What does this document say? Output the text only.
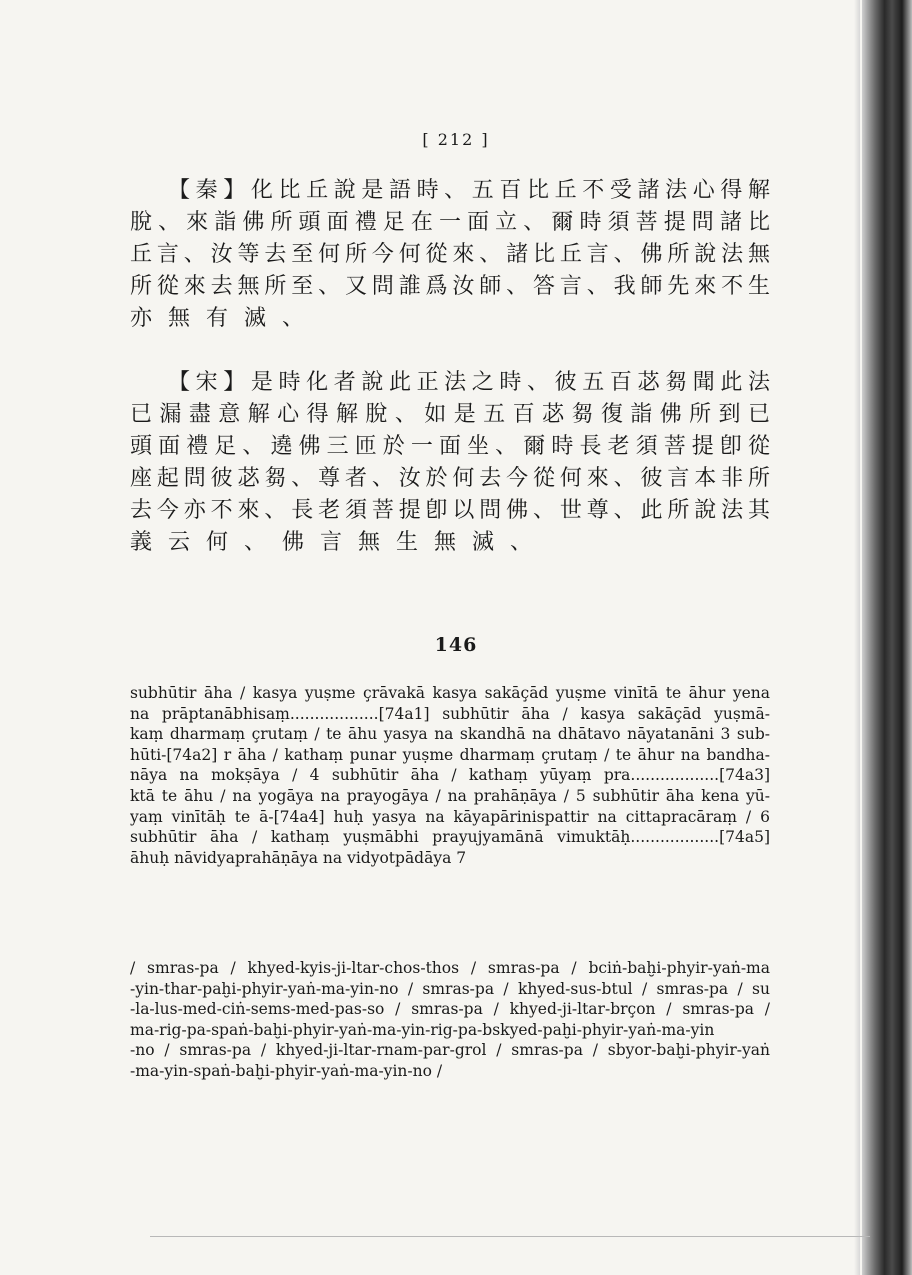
[ 212 ]
【秦】化比丘說是語時、五百比丘不受諸法心得解
脫、來詣佛所頭面禮足在一面立、爾時須菩提問諸比
丘言、汝等去至何所今何從來、諸比丘言、佛所說法無
所從來去無所至、又問誰爲汝師、答言、我師先來不生
亦無有滅、
【宋】是時化者說此正法之時、彼五百苾芻聞此法
已漏盡意解心得解脫、如是五百苾芻復詣佛所到已
頭面禮足、遶佛三匝於一面坐、爾時長老須菩提卽從
座起問彼苾芻、尊者、汝於何去今從何來、彼言本非所
去今亦不來、長老須菩提卽以問佛、世尊、此所說法其
義云何、佛言無生無滅、
146
subhūtir āha / kasya yuṣme çrāvakā kasya sakāçād yuṣme vinītā te āhur yena
na prāptanābhisaṃ..................[74a1] subhūtir āha / kasya sakāçād yuṣmā-
kaṃ dharmaṃ çrutaṃ / te āhu yasya na skandhā na dhātavo nāyatanāni 3 sub-
hūti-[74a2] r āha / kathaṃ punar yuṣme dharmaṃ çrutaṃ / te āhur na bandha-
nāya na mokṣāya / 4 subhūtir āha / kathaṃ yūyaṃ pra..................[74a3]
ktā te āhu / na yogāya na prayogāya / na prahāṇāya / 5 subhūtir āha kena yū-
yaṃ vinītāḥ te ā-[74a4] huḥ yasya na kāyapārinispattir na cittapracāraṃ / 6
subhūtir āha / kathaṃ yuṣmābhi prayujyamānā vimuktāḥ..................[74a5]
āhuḥ nāvidyaprahāṇāya na vidyotpādāya 7
/ smras-pa / khyed-kyis-ji-ltar-chos-thos / smras-pa / bciṅ-baḫi-phyir-yaṅ-ma
-yin-thar-paḫi-phyir-yaṅ-ma-yin-no / smras-pa / khyed-sus-btul / smras-pa / su
-la-lus-med-ciṅ-sems-med-pas-so / smras-pa / khyed-ji-ltar-brçon / smras-pa /
ma-rig-pa-spaṅ-baḫi-phyir-yaṅ-ma-yin-rig-pa-bskyed-paḫi-phyir-yaṅ-ma-yin
-no / smras-pa / khyed-ji-ltar-rnam-par-grol / smras-pa / sbyor-baḫi-phyir-yaṅ
-ma-yin-spaṅ-baḫi-phyir-yaṅ-ma-yin-no /
